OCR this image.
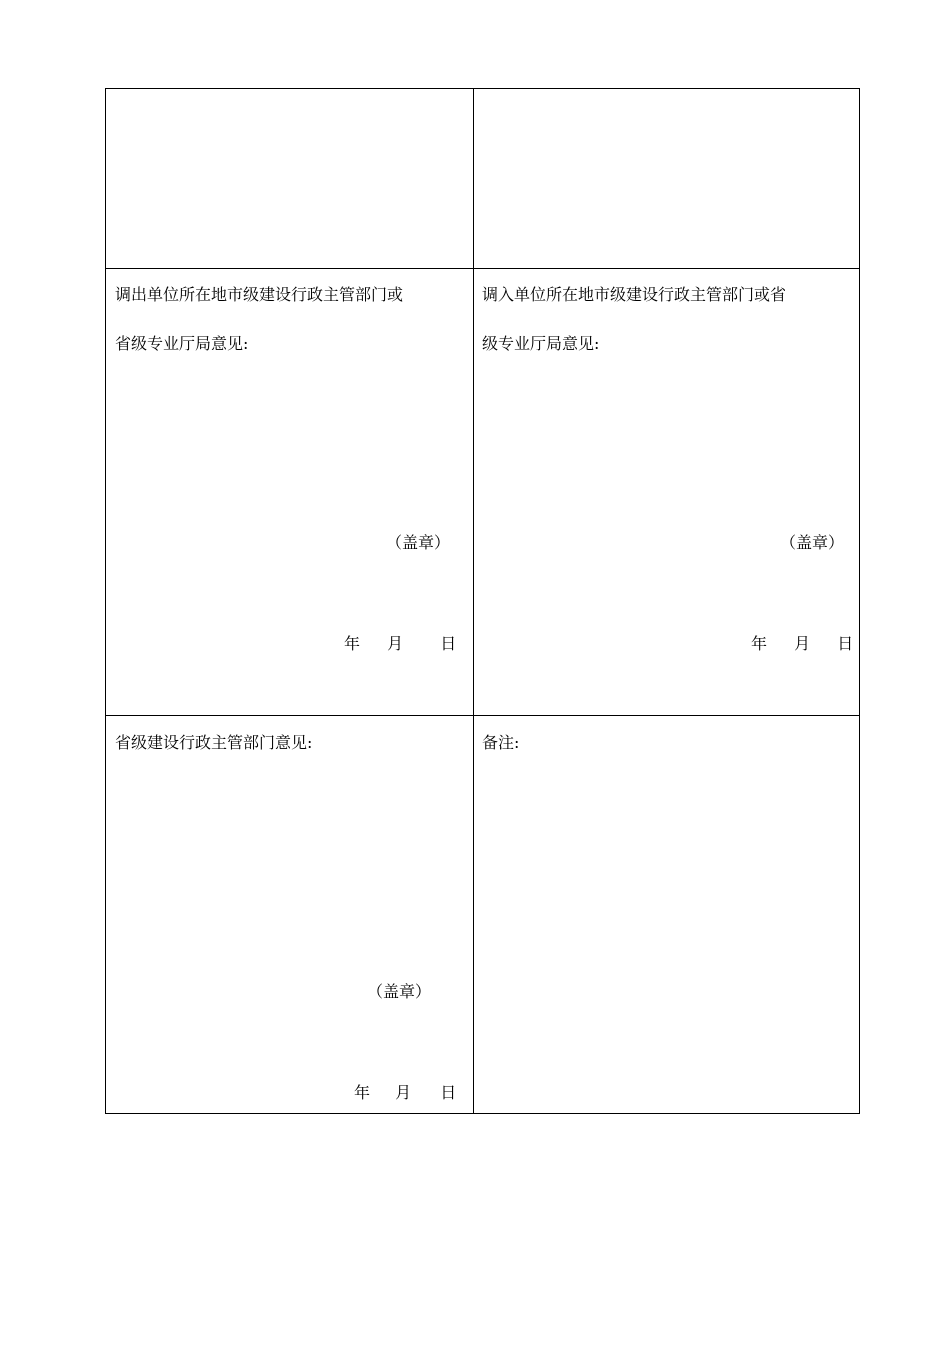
调出单位所在地市级建设行政主管部门或
省级专业厅局意见:
（盖章）
年 月 日
调入单位所在地市级建设行政主管部门或省
级专业厅局意见:
（盖章）
年 月 日
省级建设行政主管部门意见:
（盖章）
年 月 日
备注:
